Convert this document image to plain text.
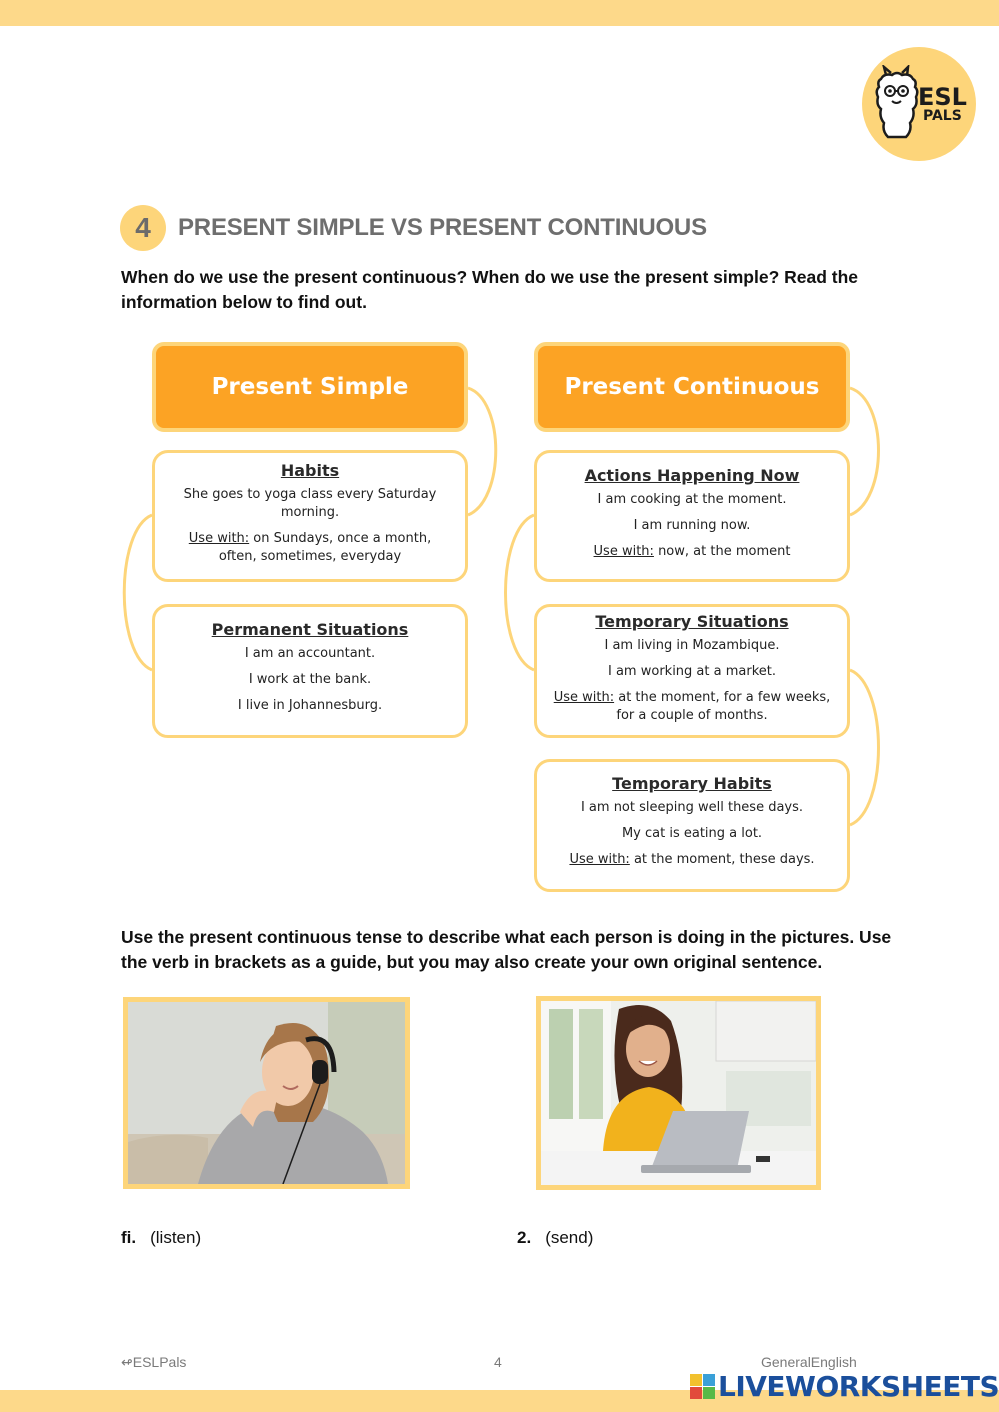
ESL
PALS
4	PRESENT SIMPLE VS PRESENT CONTINUOUS

When do we use the present continuous? When do we use the present simple? Read the information below to find out.

Present Simple	Present Continuous
Habits
She goes to yoga class every Saturday morning.
Use with: on Sundays, once a month, often, sometimes, everyday
Permanent Situations
I am an accountant.
I work at the bank.
I live in Johannesburg.
Actions Happening Now
I am cooking at the moment.
I am running now.
Use with: now, at the moment
Temporary Situations
I am living in Mozambique.
I am working at a market.
Use with: at the moment, for a few weeks, for a couple of months.
Temporary Habits
I am not sleeping well these days.
My cat is eating a lot.
Use with: at the moment, these days.

Use the present continuous tense to describe what each person is doing in the pictures. Use the verb in brackets as a guide, but you may also create your own original sentence.

fi. (listen)	2. (send)
↫ESLPals	4	GeneralEnglish
LIVEWORKSHEETS
